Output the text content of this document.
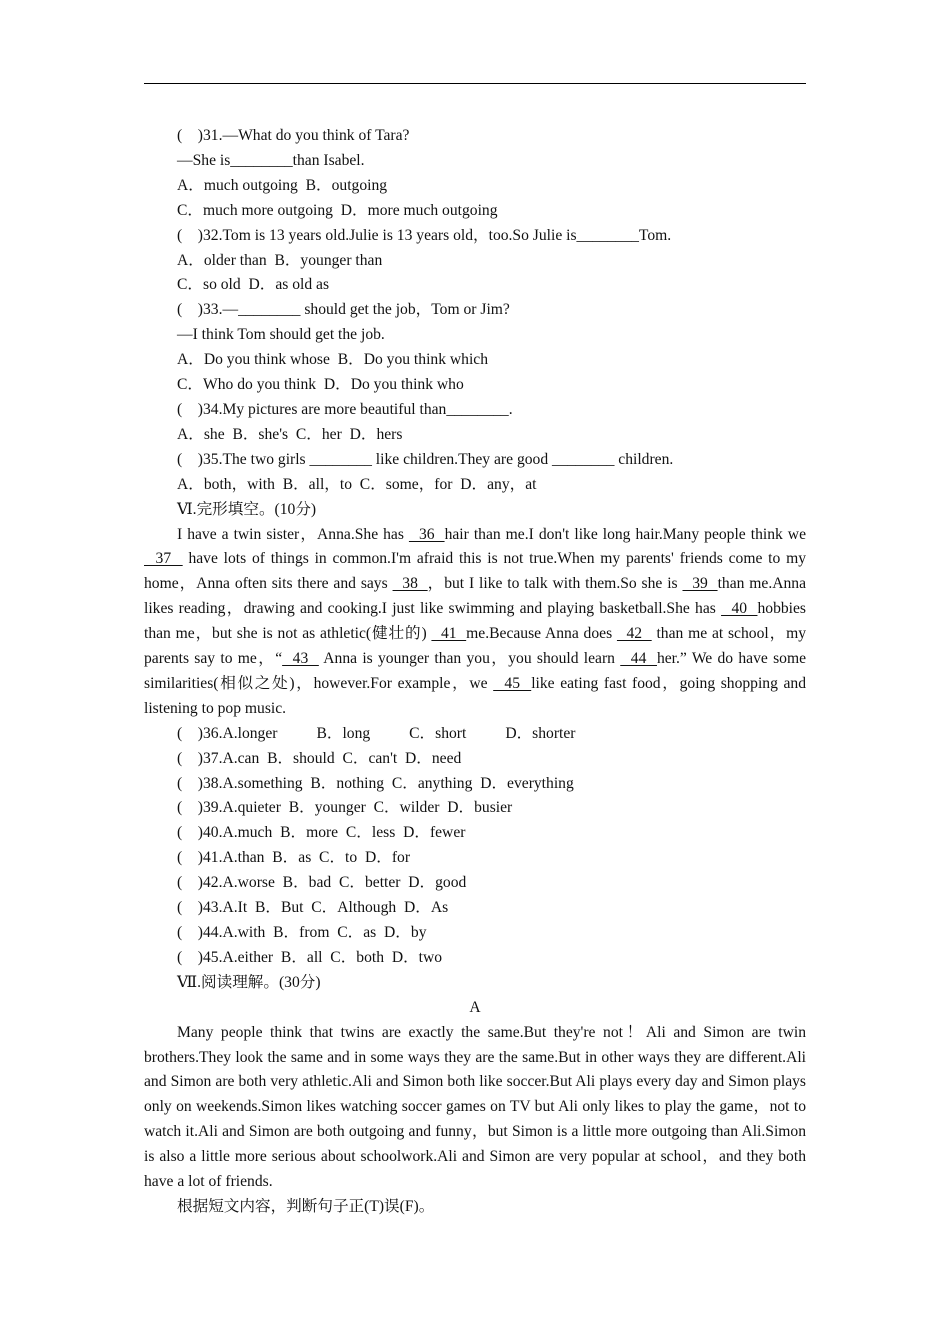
(    )31.—What do you think of Tara?
—She is________than Isabel.
A．much outgoing  B．outgoing
C．much more outgoing  D．more much outgoing
(    )32.Tom is 13 years old.Julie is 13 years old，too.So Julie is________Tom.
A．older than  B．younger than
C．so old  D．as old as
(    )33.—________ should get the job，Tom or Jim?
—I think Tom should get the job.
A．Do you think whose  B．Do you think which
C．Who do you think  D．Do you think who
(    )34.My pictures are more beautiful than________.
A．she  B．she's  C．her  D．hers
(    )35.The two girls ________ like children.They are good ________ children.
A．both，with  B．all，to  C．some，for  D．any，at
Ⅵ.完形填空。(10分)
I have a twin sister，Anna.She has   36  hair than me.I don't like long hair.Many people think we   37   have lots of things in common.I'm afraid this is not true.When my parents' friends come to my home，Anna often sits there and says   38  ，but I like to talk with them.So she is   39  than me.Anna likes reading，drawing and cooking.I just like swimming and playing basketball.She has   40  hobbies than me，but she is not as athletic(健壮的)   41  me.Because Anna does   42   than me at school，my parents say to me，“  43   Anna is younger than you，you should learn   44  her.” We do have some similarities(相似之处)，however.For example，we   45  like eating fast food，going shopping and listening to pop music.
(    )36.A.longer          B．long          C．short          D．shorter
(    )37.A.can  B．should  C．can't  D．need
(    )38.A.something  B．nothing  C．anything  D．everything
(    )39.A.quieter  B．younger  C．wilder  D．busier
(    )40.A.much  B．more  C．less  D．fewer
(    )41.A.than  B．as  C．to  D．for
(    )42.A.worse  B．bad  C．better  D．good
(    )43.A.It  B．But  C．Although  D．As
(    )44.A.with  B．from  C．as  D．by
(    )45.A.either  B．all  C．both  D．two
Ⅶ.阅读理解。(30分)
A
Many people think that twins are exactly the same.But they're not！Ali and Simon are twin brothers.They look the same and in some ways they are the same.But in other ways they are different.Ali and Simon are both very athletic.Ali and Simon both like soccer.But Ali plays every day and Simon plays only on weekends.Simon likes watching soccer games on TV but Ali only likes to play the game，not to watch it.Ali and Simon are both outgoing and funny，but Simon is a little more outgoing than Ali.Simon is also a little more serious about schoolwork.Ali and Simon are very popular at school，and they both have a lot of friends.
根据短文内容，判断句子正(T)误(F)。
